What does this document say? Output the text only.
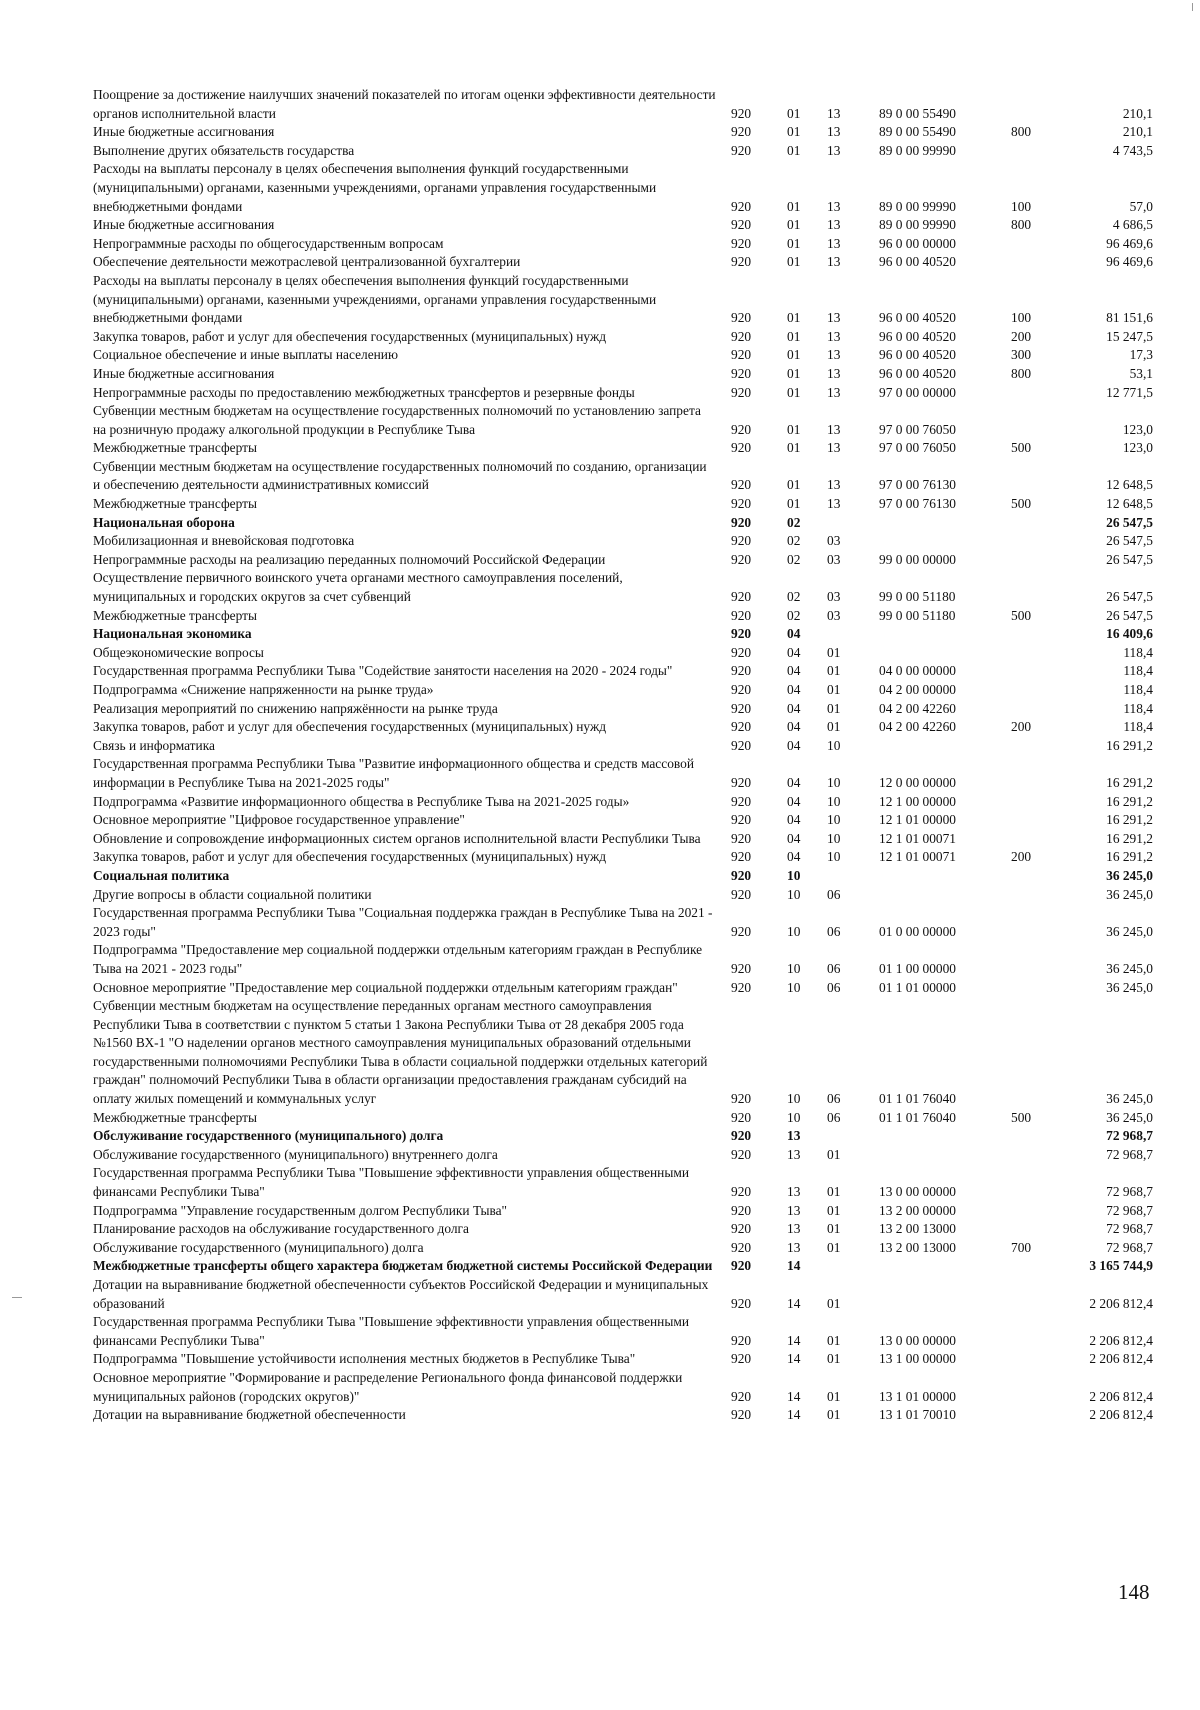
Поощрение за достижение наилучших значений показателей по итогам оценки эффективности деятельности органов исполнительной власти	920	01	13	89 0 00 55490		210,1
Иные бюджетные ассигнования	920	01	13	89 0 00 55490	800	210,1
Выполнение других обязательств государства	920	01	13	89 0 00 99990		4 743,5
Расходы на выплаты персоналу в целях обеспечения выполнения функций государственными (муниципальными) органами, казенными учреждениями, органами управления государственными внебюджетными фондами	920	01	13	89 0 00 99990	100	57,0
Иные бюджетные ассигнования	920	01	13	89 0 00 99990	800	4 686,5
Непрограммные расходы по общегосударственным вопросам	920	01	13	96 0 00 00000		96 469,6
Обеспечение деятельности межотраслевой централизованной бухгалтерии	920	01	13	96 0 00 40520		96 469,6
Расходы на выплаты персоналу в целях обеспечения выполнения функций государственными (муниципальными) органами, казенными учреждениями, органами управления государственными внебюджетными фондами	920	01	13	96 0 00 40520	100	81 151,6
Закупка товаров, работ и услуг для обеспечения государственных (муниципальных) нужд	920	01	13	96 0 00 40520	200	15 247,5
Социальное обеспечение и иные выплаты населению	920	01	13	96 0 00 40520	300	17,3
Иные бюджетные ассигнования	920	01	13	96 0 00 40520	800	53,1
Непрограммные расходы по предоставлению межбюджетных трансфертов и резервные фонды	920	01	13	97 0 00 00000		12 771,5
Субвенции местным бюджетам на осуществление государственных полномочий по установлению запрета на розничную продажу алкогольной продукции в Республике Тыва	920	01	13	97 0 00 76050		123,0
Межбюджетные трансферты	920	01	13	97 0 00 76050	500	123,0
Субвенции местным бюджетам на осуществление государственных полномочий по созданию, организации и обеспечению деятельности административных комиссий	920	01	13	97 0 00 76130		12 648,5
Межбюджетные трансферты	920	01	13	97 0 00 76130	500	12 648,5
Национальная оборона	920	02				26 547,5
Мобилизационная и вневойсковая подготовка	920	02	03			26 547,5
Непрограммные расходы на реализацию переданных полномочий Российской Федерации	920	02	03	99 0 00 00000		26 547,5
Осуществление первичного воинского учета органами местного самоуправления поселений, муниципальных и городских округов за счет субвенций	920	02	03	99 0 00 51180		26 547,5
Межбюджетные трансферты	920	02	03	99 0 00 51180	500	26 547,5
Национальная экономика	920	04				16 409,6
Общеэкономические вопросы	920	04	01			118,4
Государственная программа Республики Тыва "Содействие занятости населения на 2020 - 2024 годы"	920	04	01	04 0 00 00000		118,4
Подпрограмма «Снижение напряженности на рынке труда»	920	04	01	04 2 00 00000		118,4
Реализация мероприятий по снижению напряжённости на рынке труда	920	04	01	04 2 00 42260		118,4
Закупка товаров, работ и услуг для обеспечения государственных (муниципальных) нужд	920	04	01	04 2 00 42260	200	118,4
Связь и информатика	920	04	10			16 291,2
Государственная программа Республики Тыва "Развитие информационного общества и средств массовой информации в Республике Тыва на 2021-2025 годы"	920	04	10	12 0 00 00000		16 291,2
Подпрограмма «Развитие информационного общества в Республике Тыва на 2021-2025 годы»	920	04	10	12 1 00 00000		16 291,2
Основное мероприятие "Цифровое государственное управление"	920	04	10	12 1 01 00000		16 291,2
Обновление и сопровождение информационных систем органов исполнительной власти Республики Тыва	920	04	10	12 1 01 00071		16 291,2
Закупка товаров, работ и услуг для обеспечения государственных (муниципальных) нужд	920	04	10	12 1 01 00071	200	16 291,2
Социальная политика	920	10				36 245,0
Другие вопросы в области социальной политики	920	10	06			36 245,0
Государственная программа Республики Тыва "Социальная поддержка граждан в Республике Тыва на 2021 - 2023 годы"	920	10	06	01 0 00 00000		36 245,0
Подпрограмма "Предоставление мер социальной поддержки отдельным категориям граждан в Республике Тыва на 2021 - 2023 годы"	920	10	06	01 1 00 00000		36 245,0
Основное мероприятие "Предоставление мер социальной поддержки отдельным категориям граждан"	920	10	06	01 1 01 00000		36 245,0
Субвенции местным бюджетам на осуществление переданных органам местного самоуправления Республики Тыва в соответствии с пунктом 5 статьи 1 Закона Республики Тыва от 28 декабря 2005 года №1560 ВХ-1 "О наделении органов местного самоуправления муниципальных образований отдельными государственными полномочиями Республики Тыва в области социальной поддержки отдельных категорий граждан" полномочий Республики Тыва в области организации предоставления гражданам субсидий на оплату жилых помещений и коммунальных услуг	920	10	06	01 1 01 76040		36 245,0
Межбюджетные трансферты	920	10	06	01 1 01 76040	500	36 245,0
Обслуживание государственного (муниципального) долга	920	13				72 968,7
Обслуживание государственного (муниципального) внутреннего долга	920	13	01			72 968,7
Государственная программа Республики Тыва "Повышение эффективности управления общественными финансами Республики Тыва"	920	13	01	13 0 00 00000		72 968,7
Подпрограмма "Управление государственным долгом Республики Тыва"	920	13	01	13 2 00 00000		72 968,7
Планирование расходов на обслуживание государственного долга	920	13	01	13 2 00 13000		72 968,7
Обслуживание государственного (муниципального) долга	920	13	01	13 2 00 13000	700	72 968,7
Межбюджетные трансферты общего характера бюджетам бюджетной системы Российской Федерации	920	14				3 165 744,9
Дотации на выравнивание бюджетной обеспеченности субъектов Российской Федерации и муниципальных образований	920	14	01			2 206 812,4
Государственная программа Республики Тыва "Повышение эффективности управления общественными финансами Республики Тыва"	920	14	01	13 0 00 00000		2 206 812,4
Подпрограмма "Повышение устойчивости исполнения местных бюджетов в Республике Тыва"	920	14	01	13 1 00 00000		2 206 812,4
Основное мероприятие "Формирование и распределение Регионального фонда финансовой поддержки муниципальных районов (городских округов)"	920	14	01	13 1 01 00000		2 206 812,4
Дотации на выравнивание бюджетной обеспеченности	920	14	01	13 1 01 70010		2 206 812,4
148
